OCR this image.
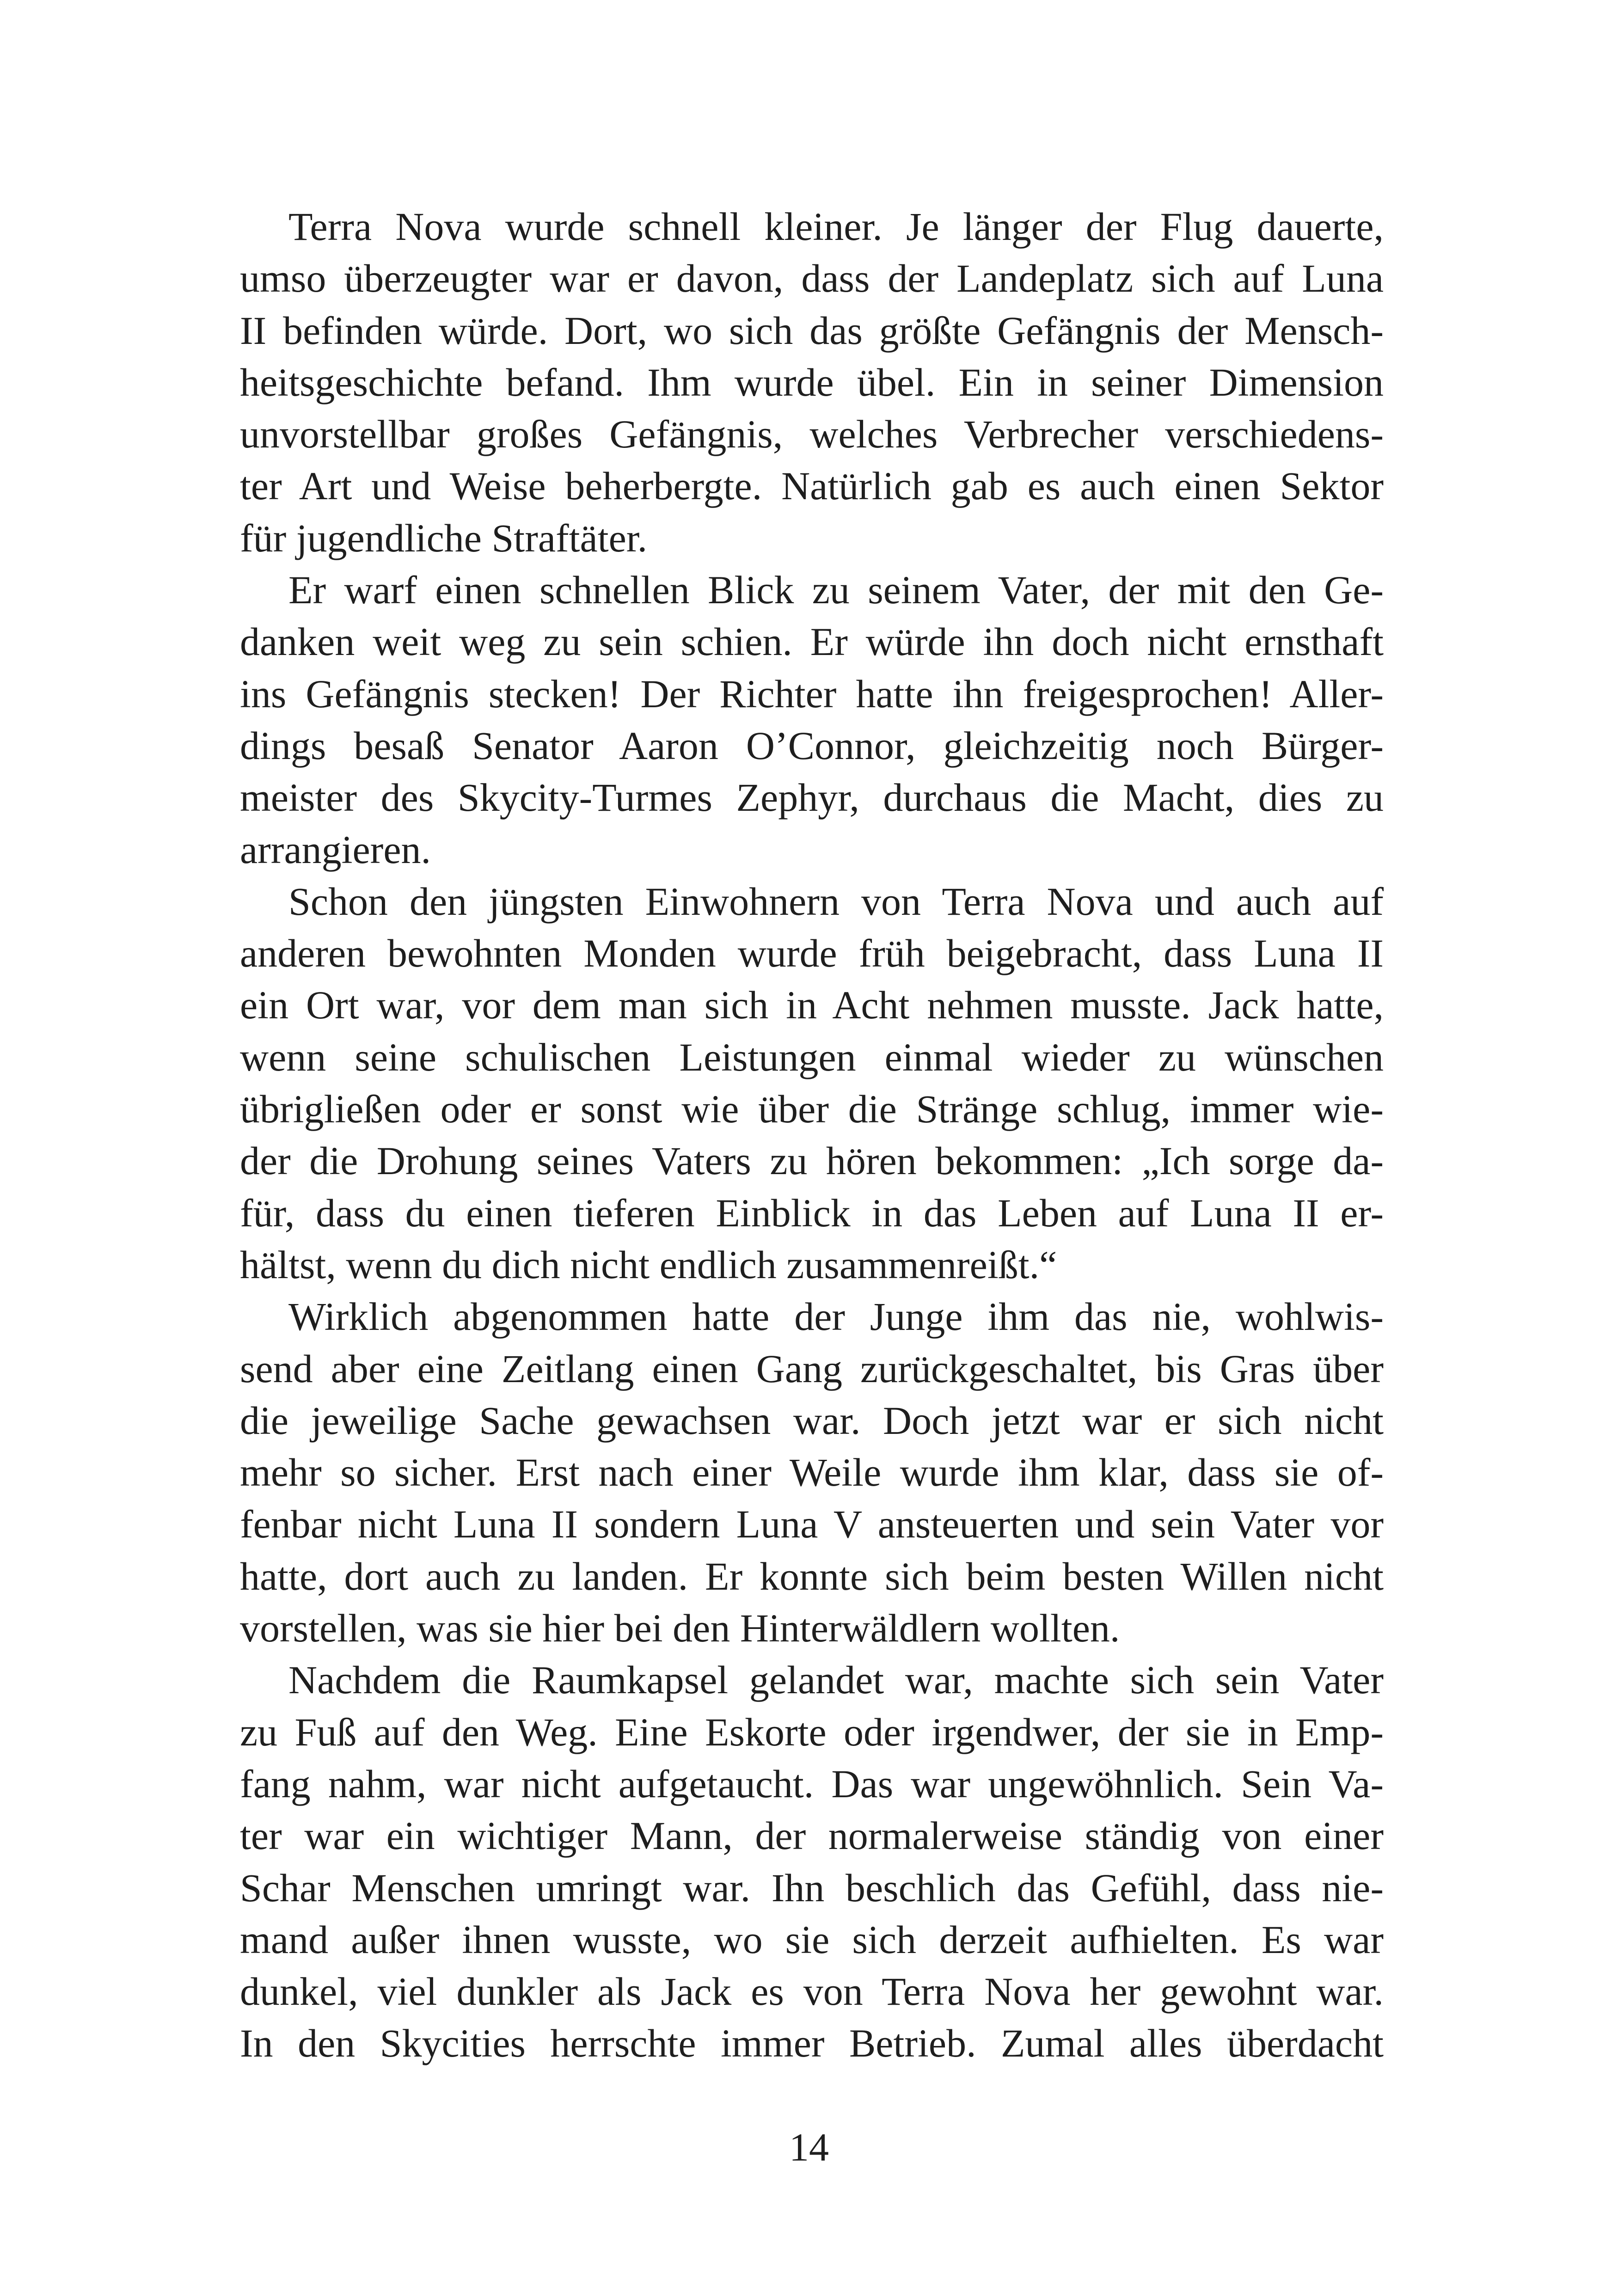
Terra Nova wurde schnell kleiner. Je länger der Flug dauerte,
umso überzeugter war er davon, dass der Landeplatz sich auf Luna
II befinden würde. Dort, wo sich das größte Gefängnis der Mensch-
heitsgeschichte befand. Ihm wurde übel. Ein in seiner Dimension
unvorstellbar großes Gefängnis, welches Verbrecher verschiedens-
ter Art und Weise beherbergte. Natürlich gab es auch einen Sektor
für jugendliche Straftäter.
Er warf einen schnellen Blick zu seinem Vater, der mit den Ge-
danken weit weg zu sein schien. Er würde ihn doch nicht ernsthaft
ins Gefängnis stecken! Der Richter hatte ihn freigesprochen! Aller-
dings besaß Senator Aaron O’Connor, gleichzeitig noch Bürger-
meister des Skycity-Turmes Zephyr, durchaus die Macht, dies zu
arrangieren.
Schon den jüngsten Einwohnern von Terra Nova und auch auf
anderen bewohnten Monden wurde früh beigebracht, dass Luna II
ein Ort war, vor dem man sich in Acht nehmen musste. Jack hatte,
wenn seine schulischen Leistungen einmal wieder zu wünschen
übrigließen oder er sonst wie über die Stränge schlug, immer wie-
der die Drohung seines Vaters zu hören bekommen: „Ich sorge da-
für, dass du einen tieferen Einblick in das Leben auf Luna II er-
hältst, wenn du dich nicht endlich zusammenreißt.“
Wirklich abgenommen hatte der Junge ihm das nie, wohlwis-
send aber eine Zeitlang einen Gang zurückgeschaltet, bis Gras über
die jeweilige Sache gewachsen war. Doch jetzt war er sich nicht
mehr so sicher. Erst nach einer Weile wurde ihm klar, dass sie of-
fenbar nicht Luna II sondern Luna V ansteuerten und sein Vater vor
hatte, dort auch zu landen. Er konnte sich beim besten Willen nicht
vorstellen, was sie hier bei den Hinterwäldlern wollten.
Nachdem die Raumkapsel gelandet war, machte sich sein Vater
zu Fuß auf den Weg. Eine Eskorte oder irgendwer, der sie in Emp-
fang nahm, war nicht aufgetaucht. Das war ungewöhnlich. Sein Va-
ter war ein wichtiger Mann, der normalerweise ständig von einer
Schar Menschen umringt war. Ihn beschlich das Gefühl, dass nie-
mand außer ihnen wusste, wo sie sich derzeit aufhielten. Es war
dunkel, viel dunkler als Jack es von Terra Nova her gewohnt war.
In den Skycities herrschte immer Betrieb. Zumal alles überdacht
14
